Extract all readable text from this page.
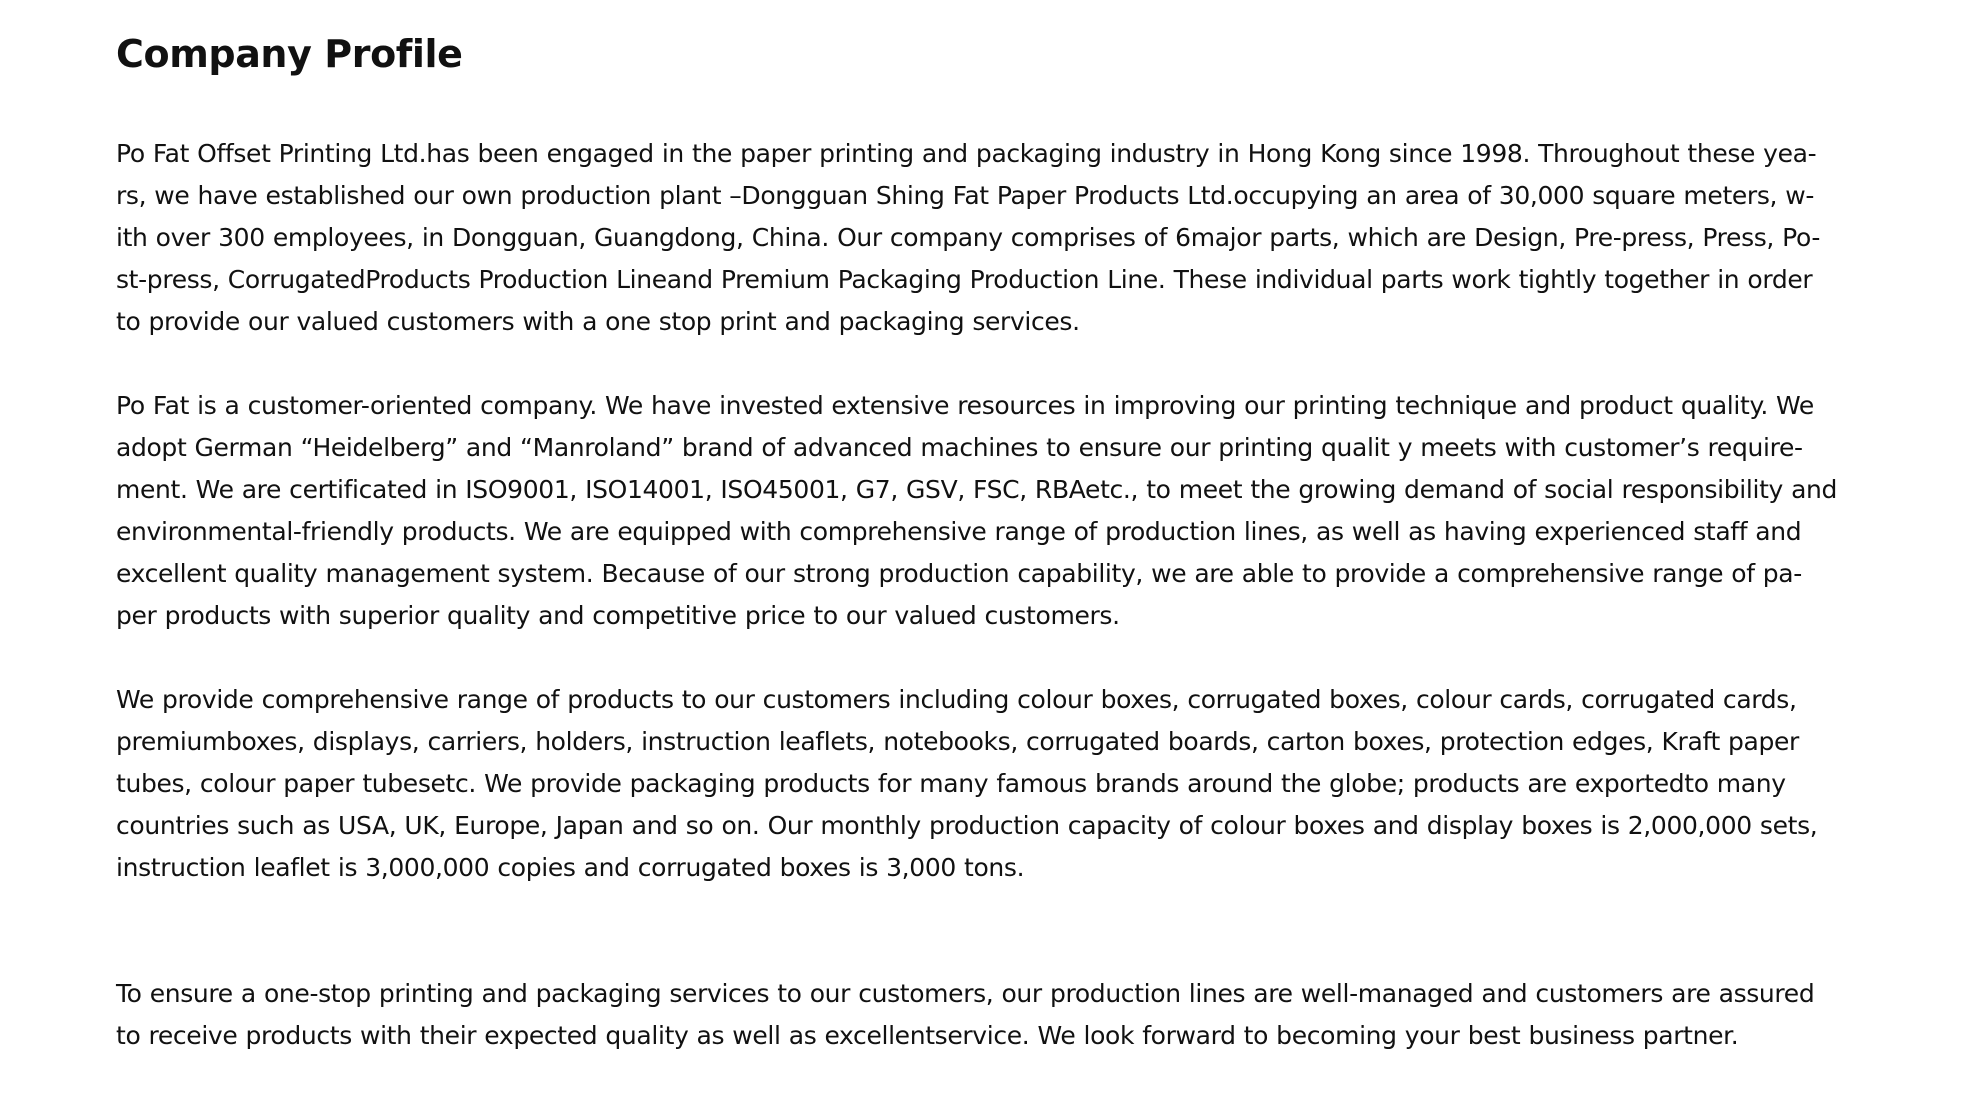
Company Profile

Po Fat Offset Printing Ltd.has been engaged in the paper printing and packaging industry in Hong Kong since 1998. Throughout these yea-
rs, we have established our own production plant –Dongguan Shing Fat Paper Products Ltd.occupying an area of 30,000 square meters, w-
ith over 300 employees, in Dongguan, Guangdong, China. Our company comprises of 6major parts, which are Design, Pre-press, Press, Po-
st-press, CorrugatedProducts Production Lineand Premium Packaging Production Line. These individual parts work tightly together in order
to provide our valued customers with a one stop print and packaging services.

Po Fat is a customer-oriented company. We have invested extensive resources in improving our printing technique and product quality. We
adopt German “Heidelberg” and “Manroland” brand of advanced machines to ensure our printing qualit y meets with customer’s require-
ment. We are certificated in ISO9001, ISO14001, ISO45001, G7, GSV, FSC, RBAetc., to meet the growing demand of social responsibility and
environmental-friendly products. We are equipped with comprehensive range of production lines, as well as having experienced staff and
excellent quality management system. Because of our strong production capability, we are able to provide a comprehensive range of pa-
per products with superior quality and competitive price to our valued customers.

We provide comprehensive range of products to our customers including colour boxes, corrugated boxes, colour cards, corrugated cards,
premiumboxes, displays, carriers, holders, instruction leaflets, notebooks, corrugated boards, carton boxes, protection edges, Kraft paper
tubes, colour paper tubesetc. We provide packaging products for many famous brands around the globe; products are exportedto many
countries such as USA, UK, Europe, Japan and so on. Our monthly production capacity of colour boxes and display boxes is 2,000,000 sets,
instruction leaflet is 3,000,000 copies and corrugated boxes is 3,000 tons.

To ensure a one-stop printing and packaging services to our customers, our production lines are well-managed and customers are assured
to receive products with their expected quality as well as excellentservice. We look forward to becoming your best business partner.
